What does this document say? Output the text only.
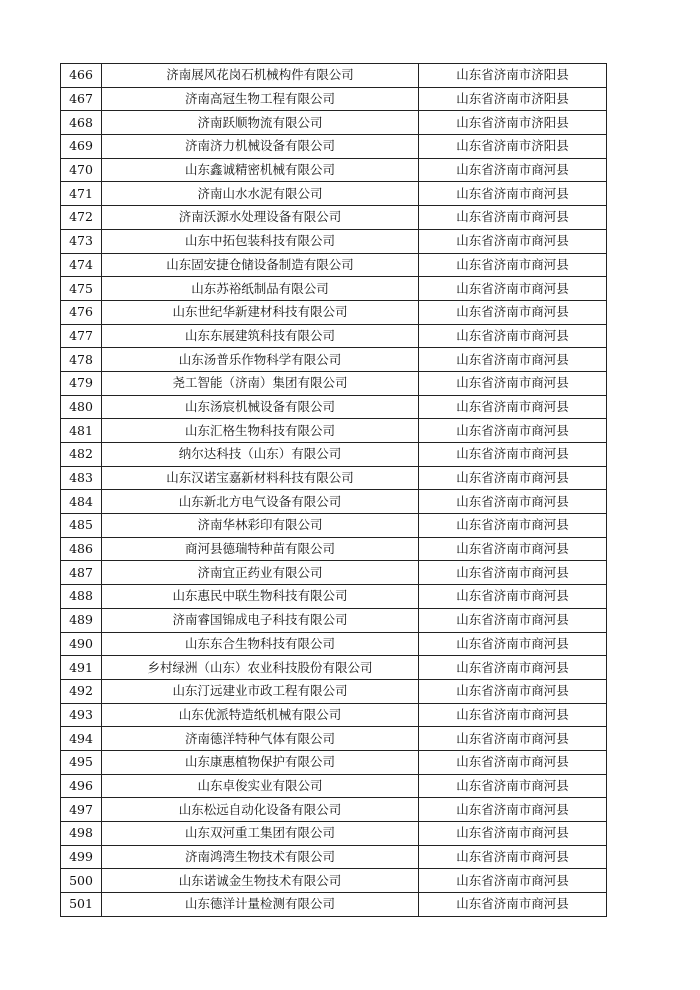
466	济南展风花岗石机械构件有限公司	山东省济南市济阳县
467	济南高冠生物工程有限公司	山东省济南市济阳县
468	济南跃顺物流有限公司	山东省济南市济阳县
469	济南济力机械设备有限公司	山东省济南市济阳县
470	山东鑫诚精密机械有限公司	山东省济南市商河县
471	济南山水水泥有限公司	山东省济南市商河县
472	济南沃源水处理设备有限公司	山东省济南市商河县
473	山东中拓包装科技有限公司	山东省济南市商河县
474	山东固安捷仓储设备制造有限公司	山东省济南市商河县
475	山东苏裕纸制品有限公司	山东省济南市商河县
476	山东世纪华新建材科技有限公司	山东省济南市商河县
477	山东东展建筑科技有限公司	山东省济南市商河县
478	山东汤普乐作物科学有限公司	山东省济南市商河县
479	尧工智能（济南）集团有限公司	山东省济南市商河县
480	山东汤宸机械设备有限公司	山东省济南市商河县
481	山东汇格生物科技有限公司	山东省济南市商河县
482	纳尔达科技（山东）有限公司	山东省济南市商河县
483	山东汉诺宝嘉新材料科技有限公司	山东省济南市商河县
484	山东新北方电气设备有限公司	山东省济南市商河县
485	济南华林彩印有限公司	山东省济南市商河县
486	商河县德瑞特种苗有限公司	山东省济南市商河县
487	济南宜正药业有限公司	山东省济南市商河县
488	山东惠民中联生物科技有限公司	山东省济南市商河县
489	济南睿国锦成电子科技有限公司	山东省济南市商河县
490	山东东合生物科技有限公司	山东省济南市商河县
491	乡村绿洲（山东）农业科技股份有限公司	山东省济南市商河县
492	山东汀远建业市政工程有限公司	山东省济南市商河县
493	山东优派特造纸机械有限公司	山东省济南市商河县
494	济南德洋特种气体有限公司	山东省济南市商河县
495	山东康惠植物保护有限公司	山东省济南市商河县
496	山东卓俊实业有限公司	山东省济南市商河县
497	山东松远自动化设备有限公司	山东省济南市商河县
498	山东双河重工集团有限公司	山东省济南市商河县
499	济南鸿湾生物技术有限公司	山东省济南市商河县
500	山东诺诚金生物技术有限公司	山东省济南市商河县
501	山东德洋计量检测有限公司	山东省济南市商河县
